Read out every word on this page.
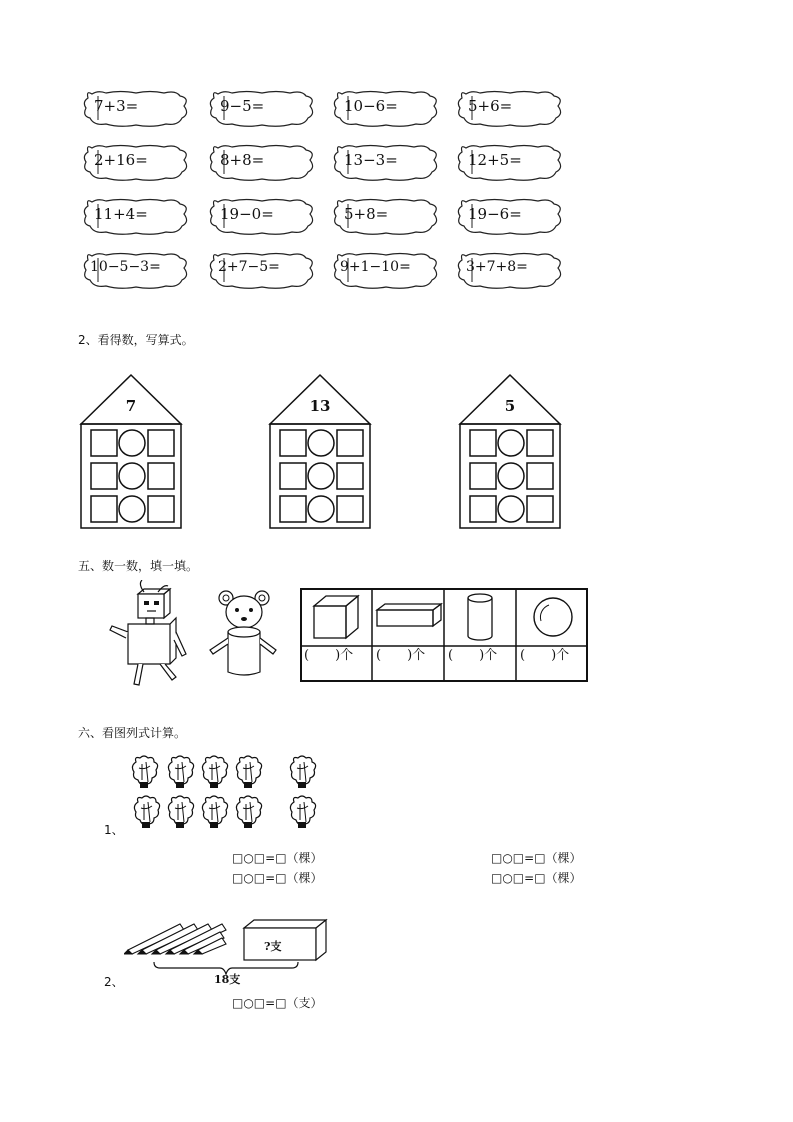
7+3=	9−5=	10−6=	5+6=
2+16=	8+8=	13−3=	12+5=
11+4=	19−0=	5+8=	19−6=
10−5−3=	2+7−5=	9+1−10=	3+7+8=
2、看得数，写算式。
7	13	5
五、数一数，填一填。
(　　)个 (　　)个 (　　)个 (　　)个
六、看图列式计算。
1、
□○□=□（棵）	□○□=□（棵）
□○□=□（棵）	□○□=□（棵）
?支
18支
2、
□○□=□（支）
